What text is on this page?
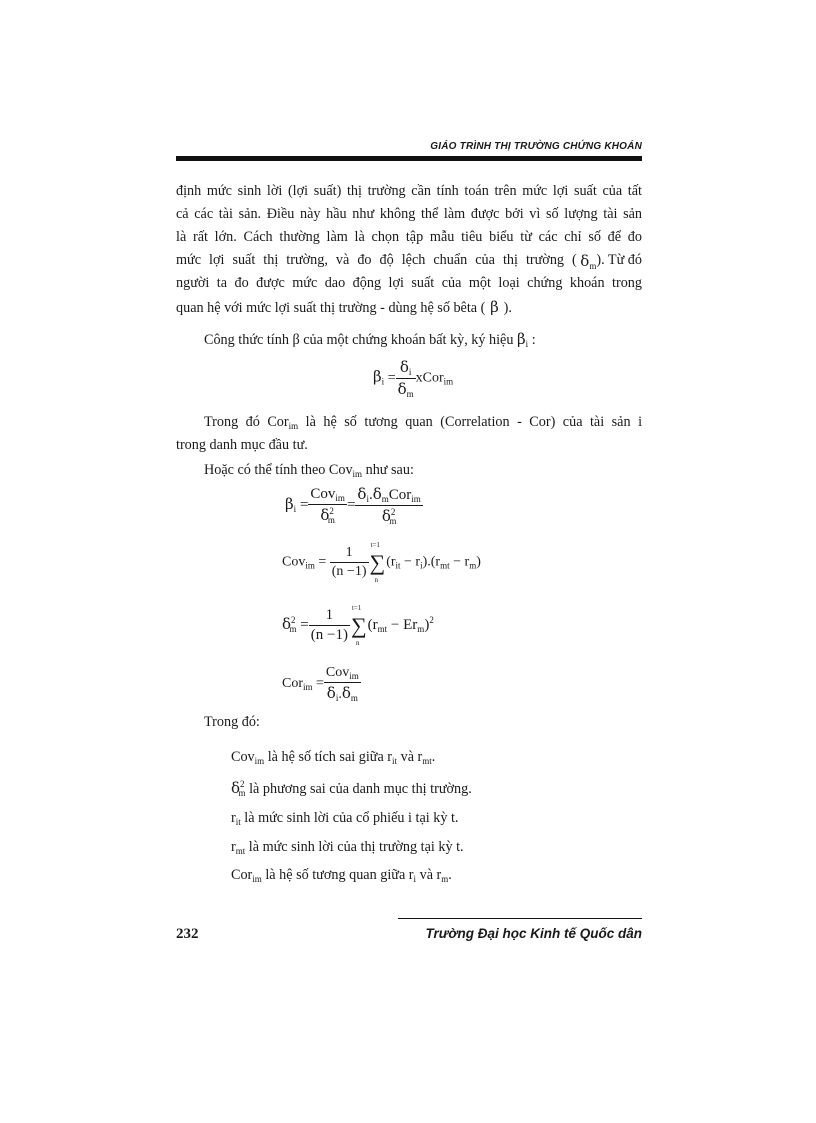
GIÁO TRÌNH THỊ TRƯỜNG CHỨNG KHOÁN
định mức sinh lời (lợi suất) thị trường cần tính toán trên mức lợi suất của tất
cả các tài sản. Điều này hầu như không thể làm được bởi vì số lượng tài sản
là rất lớn. Cách thường làm là chọn tập mẫu tiêu biểu từ các chỉ số để đo
mức lợi suất thị trường, và đo độ lệch chuẩn của thị trường ( $\delta_m$ ). Từ đó
người ta đo được mức dao động lợi suất của một loại chứng khoán trong
quan hệ với mức lợi suất thị trường - dùng hệ số bêta ( β ).
Công thức tính β của một chứng khoán bất kỳ, ký hiệu $\beta_i$ :
$\beta_i = \frac{\delta_i}{\delta_m}$ xCor$_{im}$
Trong đó Cor$_{im}$ là hệ số tương quan (Correlation - Cor) của tài sản i
trong danh mục đầu tư.
Hoặc có thể tính theo Cov$_{im}$ như sau:
$\beta_i = \frac{Cov_{im}}{\delta^2_m} = \frac{\delta_i.\delta_mCor_{im}}{\delta^2_m}$
$Cov_{im} = \frac{1}{(n -1)}$
t=1
∑
n
$(r_{it} - r_i).(r_{mt} - r_m)$
$\delta^2_m = \frac{1}{(n -1)} t=1$
∑
n
$(r_{mt} - Er_m)^2$
$Cor_{im} = \frac{Cov_{im}}{\delta_i.\delta_m}$
Trong đó:
Cov$_{im}$ là hệ số tích sai giữa $r_{it}$ và $r_{mt}$.
$\delta^2_m$ là phương sai của danh mục thị trường.
$r_{it}$ là mức sinh lời của cổ phiếu i tại kỳ t.
$r_{mt}$ là mức sinh lời của thị trường tại kỳ t.
Cor$_{im}$ là hệ số tương quan giữa $r_i$ và $r_m$.
232	Trường Đại học Kinh tế Quốc dân
